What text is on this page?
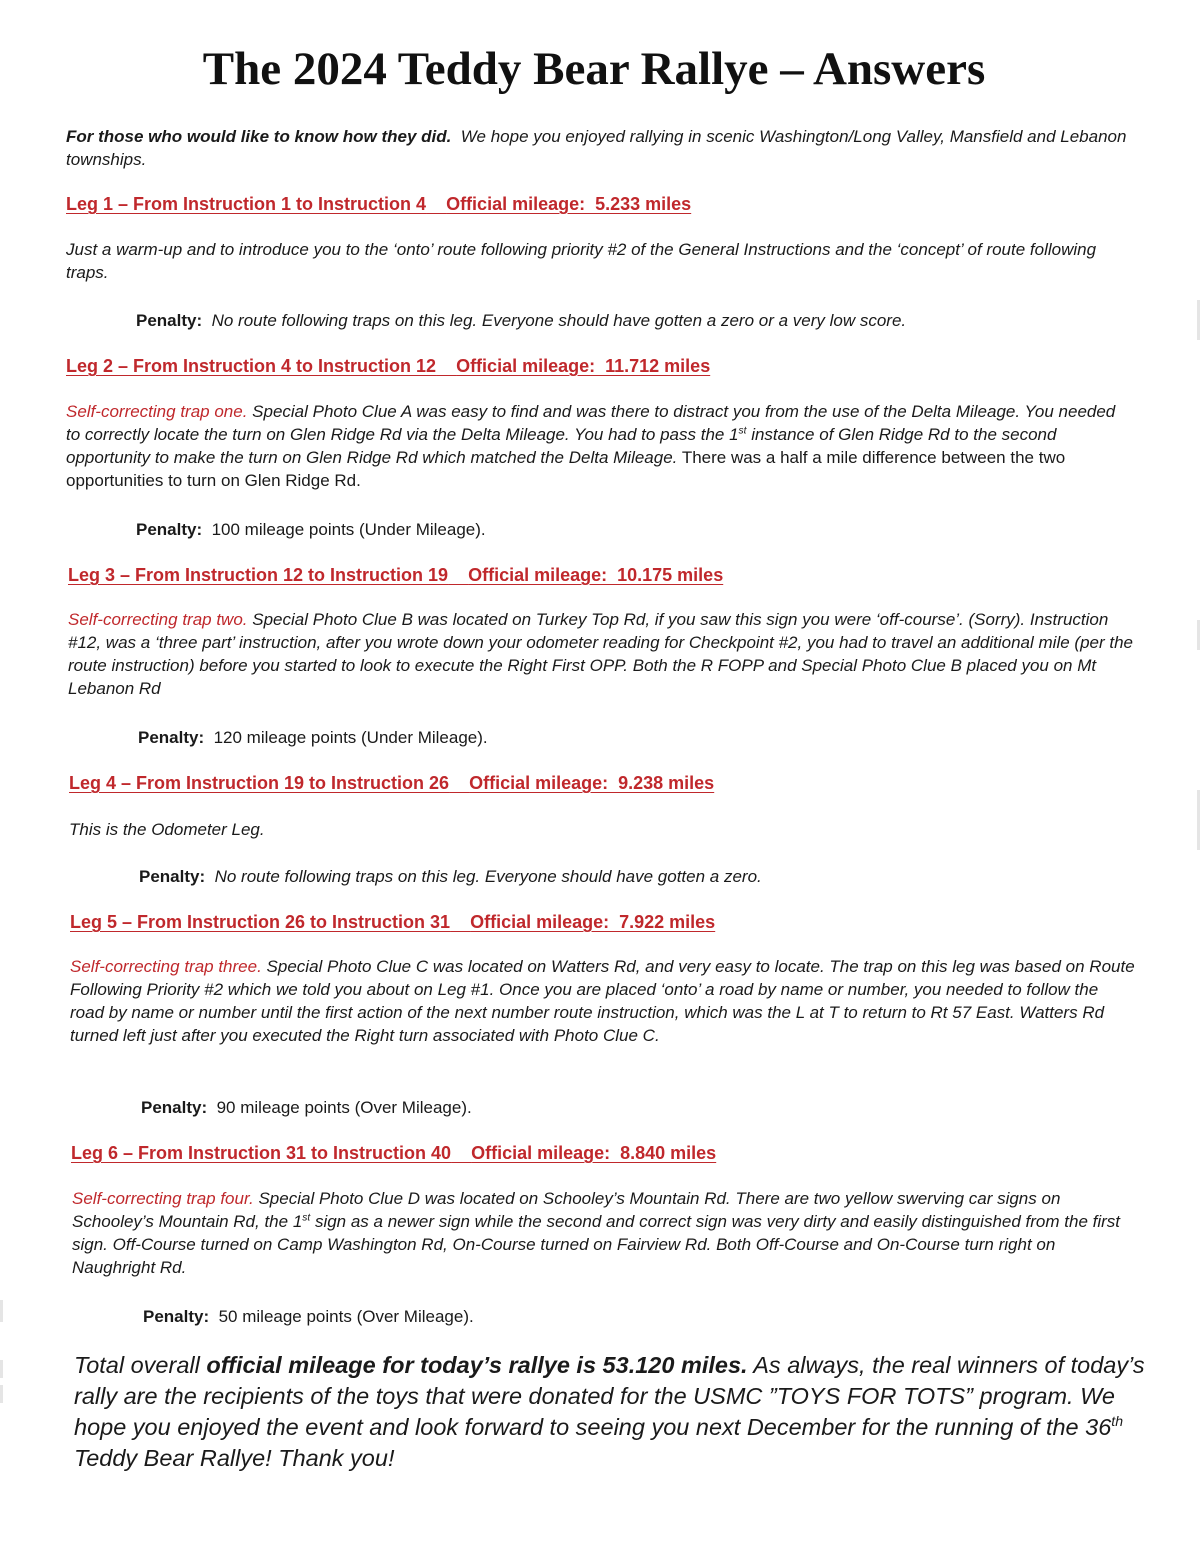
The 2024 Teddy Bear Rallye – Answers

For those who would like to know how they did. We hope you enjoyed rallying in scenic Washington/Long Valley, Mansfield and Lebanon townships.

Leg 1 – From Instruction 1 to Instruction 4 Official mileage:  5.233 miles

Just a warm-up and to introduce you to the ‘onto’ route following priority #2 of the General Instructions and the ‘concept’ of route following traps.

Penalty: No route following traps on this leg. Everyone should have gotten a zero or a very low score.

Leg 2 – From Instruction 4 to Instruction 12 Official mileage:  11.712 miles

Self-correcting trap one. Special Photo Clue A was easy to find and was there to distract you from the use of the Delta Mileage. You needed to correctly locate the turn on Glen Ridge Rd via the Delta Mileage. You had to pass the 1st instance of Glen Ridge Rd to the second opportunity to make the turn on Glen Ridge Rd which matched the Delta Mileage. There was a half a mile difference between the two opportunities to turn on Glen Ridge Rd.

Penalty: 100 mileage points (Under Mileage).

Leg 3 – From Instruction 12 to Instruction 19 Official mileage:  10.175 miles

Self-correcting trap two. Special Photo Clue B was located on Turkey Top Rd, if you saw this sign you were ‘off-course’. (Sorry). Instruction #12, was a ‘three part’ instruction, after you wrote down your odometer reading for Checkpoint #2, you had to travel an additional mile (per the route instruction) before you started to look to execute the Right First OPP. Both the R FOPP and Special Photo Clue B placed you on Mt Lebanon Rd

Penalty: 120 mileage points (Under Mileage).

Leg 4 – From Instruction 19 to Instruction 26 Official mileage:  9.238 miles

This is the Odometer Leg.

Penalty: No route following traps on this leg. Everyone should have gotten a zero.

Leg 5 – From Instruction 26 to Instruction 31 Official mileage:  7.922 miles

Self-correcting trap three. Special Photo Clue C was located on Watters Rd, and very easy to locate. The trap on this leg was based on Route Following Priority #2 which we told you about on Leg #1. Once you are placed ‘onto’ a road by name or number, you needed to follow the road by name or number until the first action of the next number route instruction, which was the L at T to return to Rt 57 East. Watters Rd turned left just after you executed the Right turn associated with Photo Clue C.

Penalty: 90 mileage points (Over Mileage).

Leg 6 – From Instruction 31 to Instruction 40 Official mileage:  8.840 miles

Self-correcting trap four. Special Photo Clue D was located on Schooley’s Mountain Rd. There are two yellow swerving car signs on Schooley’s Mountain Rd, the 1st sign as a newer sign while the second and correct sign was very dirty and easily distinguished from the first sign. Off-Course turned on Camp Washington Rd, On-Course turned on Fairview Rd. Both Off-Course and On-Course turn right on Naughright Rd.

Penalty: 50 mileage points (Over Mileage).

Total overall official mileage for today’s rallye is 53.120 miles. As always, the real winners of today’s rally are the recipients of the toys that were donated for the USMC ”TOYS FOR TOTS” program. We hope you enjoyed the event and look forward to seeing you next December for the running of the 36th Teddy Bear Rallye! Thank you!
